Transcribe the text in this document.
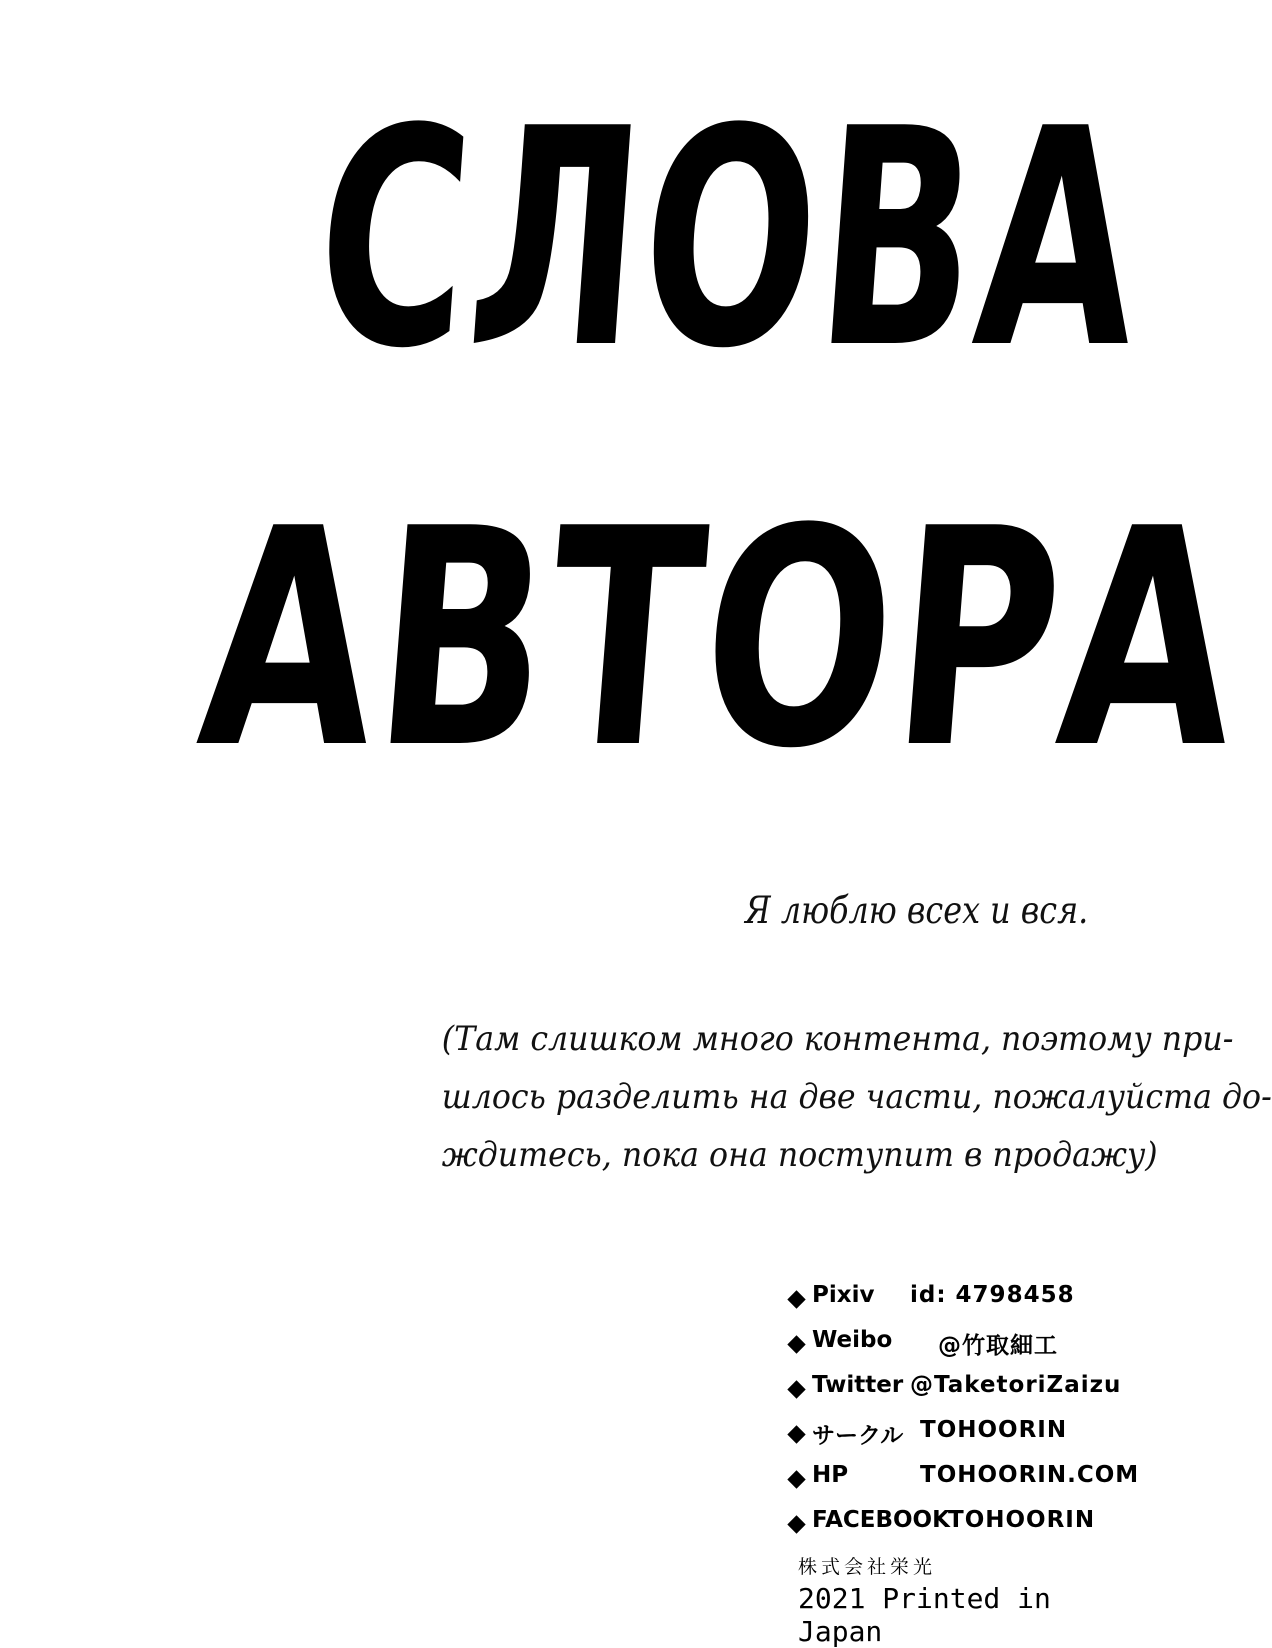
СЛОВА
АВТОРА

Я люблю всех и вся.

(Там слишком много контента, поэтому при-
шлось разделить на две части, пожалуйста до-
ждитесь, пока она поступит в продажу)
Pixiv id: 4798458
Weibo @竹取細工
Twitter @TaketoriZaizu
サークル TOHOORIN
HP	TOHOORIN.COM
FACEBOOK
TOHOORIN
株式会社栄光
2021 Printed in Japan
